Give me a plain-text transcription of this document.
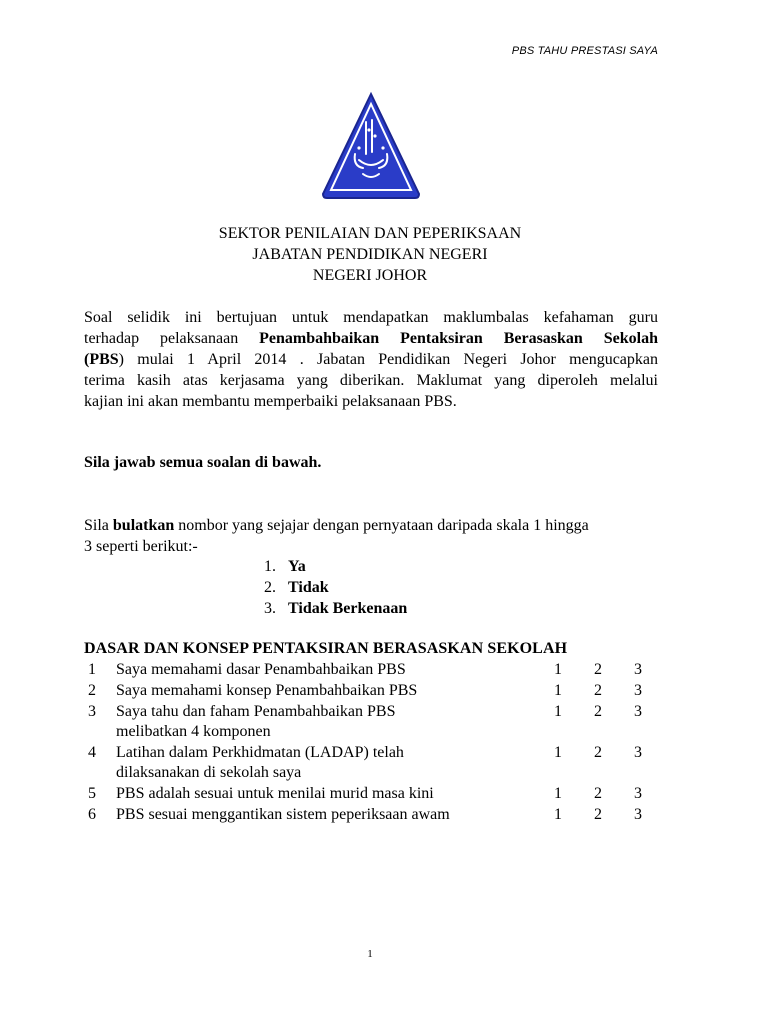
PBS TAHU PRESTASI SAYA
SEKTOR PENILAIAN DAN PEPERIKSAAN
JABATAN PENDIDIKAN NEGERI
NEGERI JOHOR
Soal selidik ini bertujuan untuk mendapatkan maklumbalas kefahaman guru
terhadap pelaksanaan Penambahbaikan Pentaksiran Berasaskan Sekolah
(PBS) mulai 1 April 2014 . Jabatan Pendidikan Negeri Johor mengucapkan
terima kasih atas kerjasama yang diberikan. Maklumat yang diperoleh melalui
kajian ini akan membantu memperbaiki pelaksanaan PBS.
Sila jawab semua soalan di bawah.
Sila bulatkan nombor yang sejajar dengan pernyataan daripada skala 1 hingga
3 seperti berikut:-
1. Ya
2. Tidak
3. Tidak Berkenaan
DASAR DAN KONSEP PENTAKSIRAN BERASASKAN SEKOLAH
1	Saya memahami dasar Penambahbaikan PBS	1	2	3
2	Saya memahami konsep Penambahbaikan PBS	1	2	3
3	Saya tahu dan faham Penambahbaikan PBS
melibatkan 4 komponen
1	2	3
4	Latihan dalam Perkhidmatan (LADAP) telah
dilaksanakan di sekolah saya
1	2	3
5	PBS adalah sesuai untuk menilai murid masa kini	1	2	3
6	PBS sesuai menggantikan sistem peperiksaan awam	1	2	3
1
